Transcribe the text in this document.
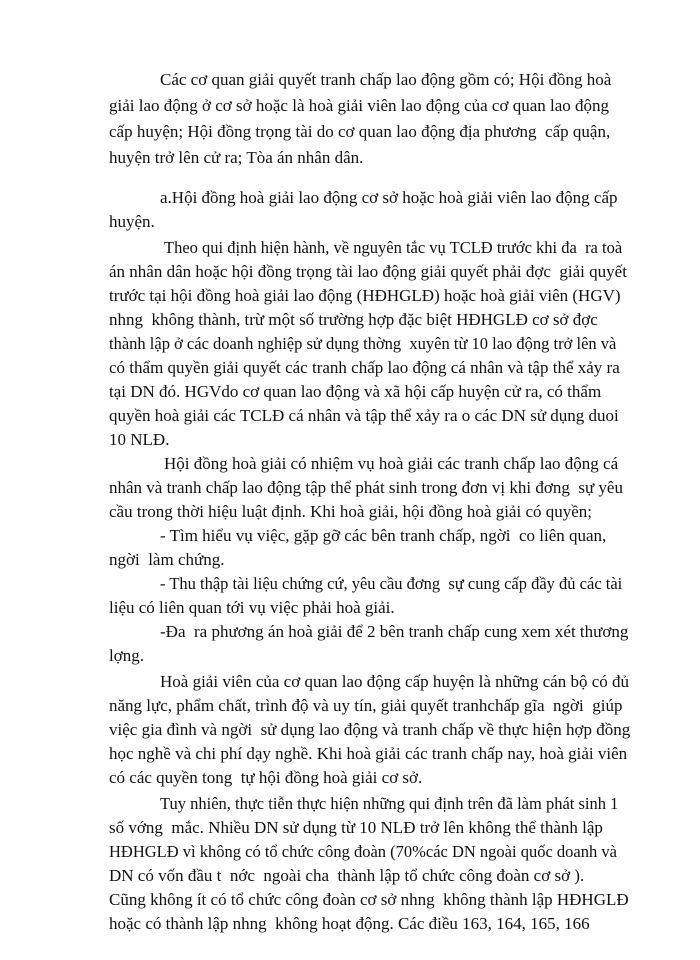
Các cơ quan giải quyết tranh chấp lao động gồm có; Hội đồng hoà
giải lao động ở cơ sở hoặc là hoà giải viên lao động của cơ quan lao động
cấp huyện; Hội đồng trọng tài do cơ quan lao động địa phương  cấp quận,
huyện trở lên cử ra; Tòa án nhân dân.
a.Hội đồng hoà giải lao động cơ sở hoặc hoà giải viên lao động cấp
huyện.
Theo qui định hiện hành, về nguyên tắc vụ TCLĐ trước khi đa  ra toà
án nhân dân hoặc hội đồng trọng tài lao động giải quyết phải đợc  giải quyết
trước tại hội đồng hoà giải lao động (HĐHGLĐ) hoặc hoà giải viên (HGV)
nhng  không thành, trừ một số trường hợp đặc biệt HĐHGLĐ cơ sở đợc
thành lập ở các doanh nghiệp sử dụng thờng  xuyên từ 10 lao động trở lên và
có thẩm quyền giải quyết các tranh chấp lao động cá nhân và tập thể xảy ra
tại DN đó. HGVdo cơ quan lao động và xã hội cấp huyện cử ra, có thẩm
quyền hoà giải các TCLĐ cá nhân và tập thể xảy ra o các DN sử dụng duoi
10 NLĐ.
Hội đồng hoà giải có nhiệm vụ hoà giải các tranh chấp lao động cá
nhân và tranh chấp lao động tập thể phát sinh trong đơn vị khi đơng  sự yêu
cầu trong thời hiệu luật định. Khi hoà giải, hội đồng hoà giải có quyền;
- Tìm hiểu vụ việc, gặp gỡ các bên tranh chấp, ngời  co liên quan,
ngời  làm chứng.
- Thu thập tài liệu chứng cứ, yêu cầu đơng  sự cung cấp đầy đủ các tài
liệu có liên quan tới vụ việc phải hoà giải.
-Đa  ra phương án hoà giải để 2 bên tranh chấp cung xem xét thương
lợng.
Hoà giải viên của cơ quan lao động cấp huyện là những cán bộ có đủ
năng lực, phẩm chất, trình độ và uy tín, giải quyết tranhchấp gĩa  ngời  giúp
việc gia đình và ngời  sử dụng lao động và tranh chấp về thực hiện hợp đồng
học nghề và chi phí dạy nghề. Khi hoà giải các tranh chấp nay, hoà giải viên
có các quyền tong  tự hội đồng hoà giải cơ sở.
Tuy nhiên, thực tiễn thực hiện những qui định trên đã làm phát sinh 1
số vớng  mắc. Nhiều DN sử dụng từ 10 NLĐ trở lên không thể thành lập
HĐHGLĐ vì không có tổ chức công đoàn (70%các DN ngoài quốc doanh và
DN có vốn đầu t  nớc  ngoài cha  thành lập tổ chức công đoàn cơ sở ).
Cũng không ít có tổ chức công đoàn cơ sở nhng  không thành lập HĐHGLĐ
hoặc có thành lập nhng  không hoạt động. Các điều 163, 164, 165, 166
